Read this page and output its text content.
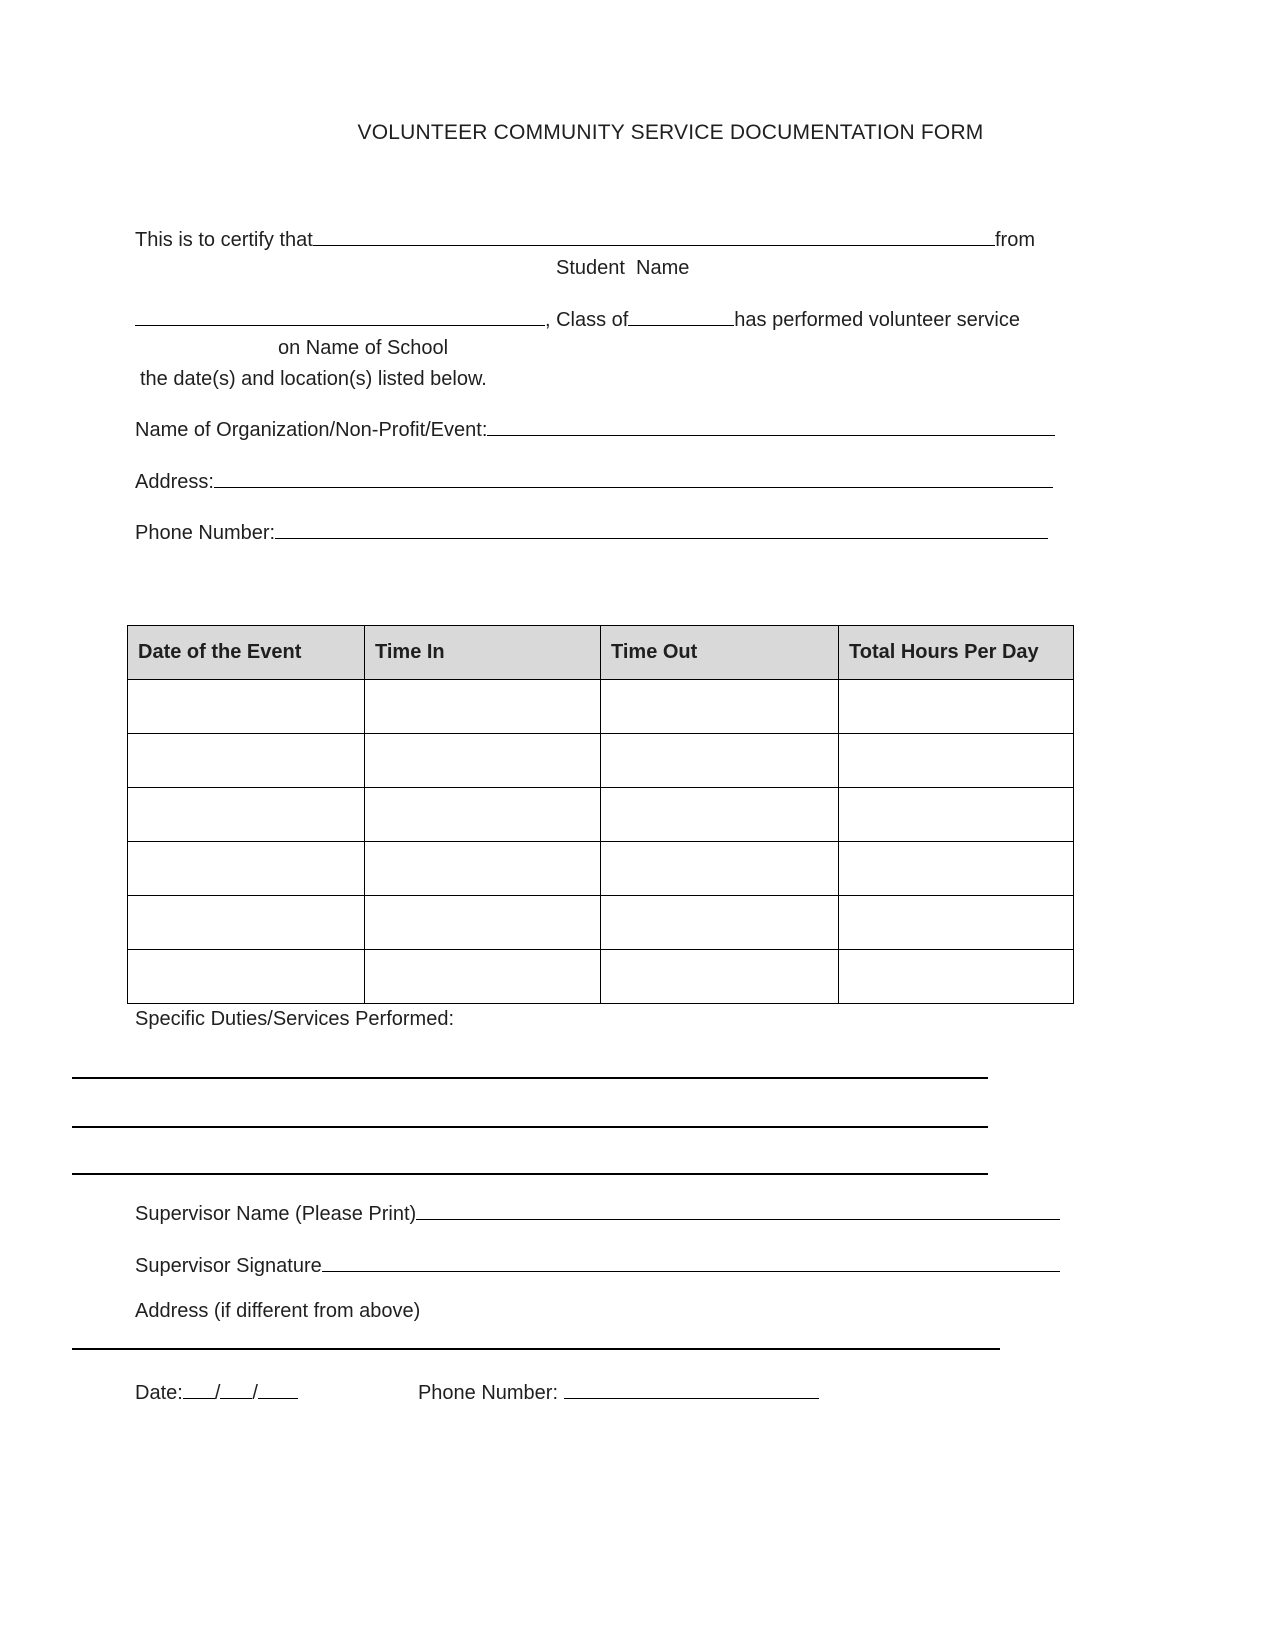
VOLUNTEER COMMUNITY SERVICE DOCUMENTATION FORM
This is to certify that	from
Student  Name
, Class of	has performed volunteer service
on Name of School
the date(s) and location(s) listed below.
Name of Organization/Non-Profit/Event:
Address:
Phone Number:
Date of the Event	Time In	Time Out	Total Hours Per Day

Specific Duties/Services Performed:
Supervisor Name (Please Print)
Supervisor Signature
Address (if different from above)
Date: / /	Phone Number:
